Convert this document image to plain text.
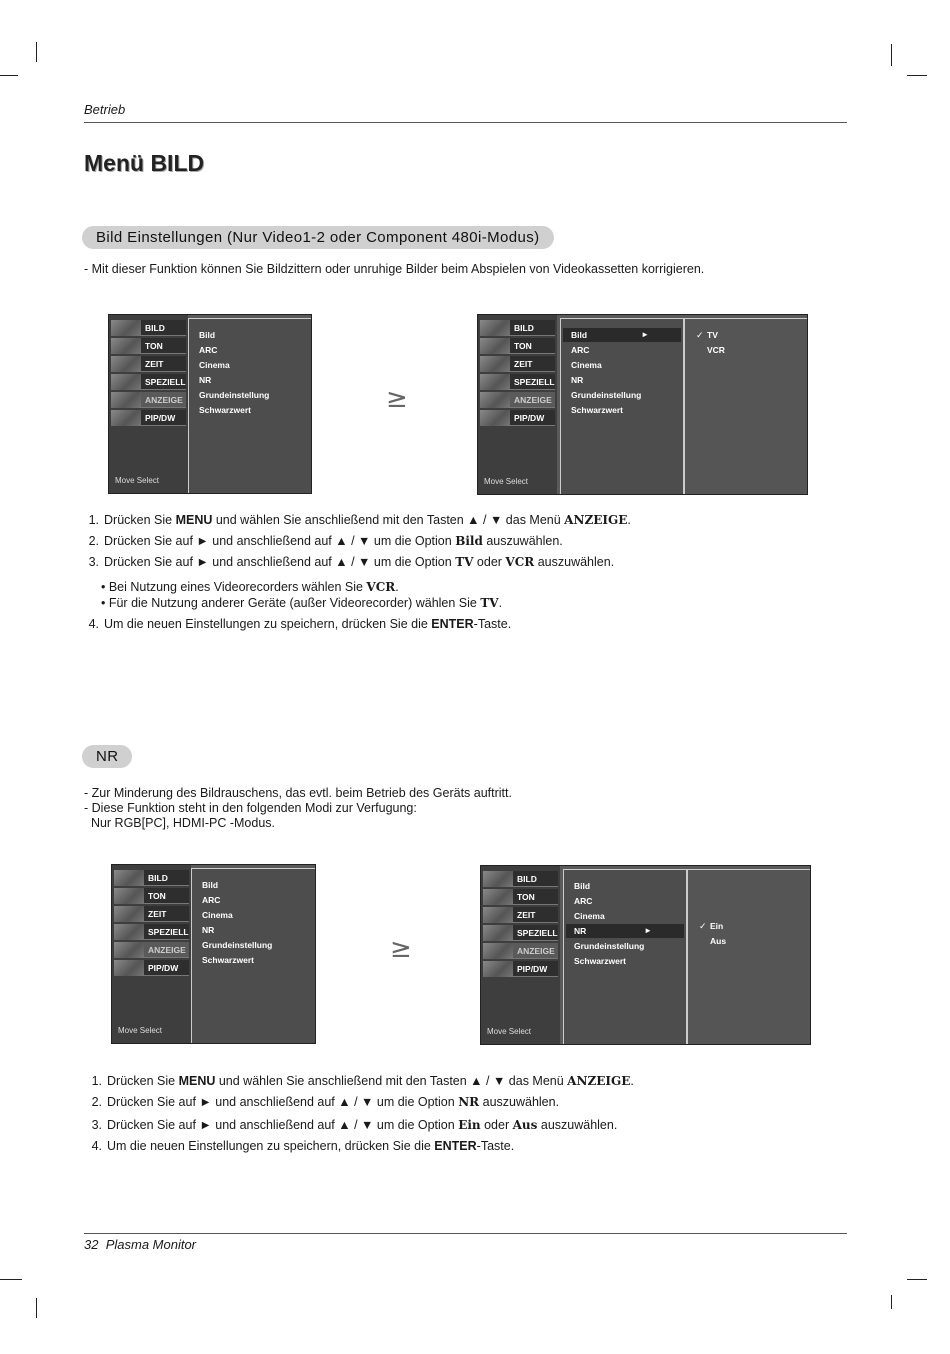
Betrieb
Menü BILD
Bild Einstellungen (Nur Video1-2 oder Component 480i-Modus)
- Mit dieser Funktion können Sie Bildzittern oder unruhige Bilder beim Abspielen von Videokassetten korrigieren.
BILD
TON
ZEIT
SPEZIELL
ANZEIGE
PIP/DW
Move Select
Bild
ARC
Cinema
NR
Grundeinstellung
Schwarzwert	≥
BILD
TON
ZEIT
SPEZIELL
ANZEIGE
PIP/DW
Move Select
Bild	►
ARC
Cinema
NR
Grundeinstellung
Schwarzwert
✓ TV
VCR
1. Drücken Sie MENU und wählen Sie anschließend mit den Tasten ▲ / ▼ das Menü ANZEIGE.
2. Drücken Sie auf ► und anschließend auf ▲ / ▼ um die Option Bild auszuwählen.
3. Drücken Sie auf ► und anschließend auf ▲ / ▼ um die Option TV oder VCR auszuwählen.
• Bei Nutzung eines Videorecorders wählen Sie VCR.
• Für die Nutzung anderer Geräte (außer Videorecorder) wählen Sie TV.
4. Um die neuen Einstellungen zu speichern, drücken Sie die ENTER-Taste.
NR
- Zur Minderung des Bildrauschens, das evtl. beim Betrieb des Geräts auftritt.
- Diese Funktion steht in den folgenden Modi zur Verfugung:
Nur RGB[PC], HDMI-PC -Modus.
BILD
TON
ZEIT
SPEZIELL
ANZEIGE
PIP/DW
Move Select
Bild
ARC
Cinema
NR
Grundeinstellung
Schwarzwert	≥
BILD
TON
ZEIT
SPEZIELL
ANZEIGE
PIP/DW
Move Select
Bild
ARC
Cinema
NR	►
Grundeinstellung
Schwarzwert
✓ Ein
Aus
1. Drücken Sie MENU und wählen Sie anschließend mit den Tasten ▲ / ▼ das Menü ANZEIGE.
2. Drücken Sie auf ► und anschließend auf ▲ / ▼ um die Option NR auszuwählen.
3. Drücken Sie auf ► und anschließend auf ▲ / ▼ um die Option Ein oder Aus auszuwählen.
4. Um die neuen Einstellungen zu speichern, drücken Sie die ENTER-Taste.
32 Plasma Monitor
